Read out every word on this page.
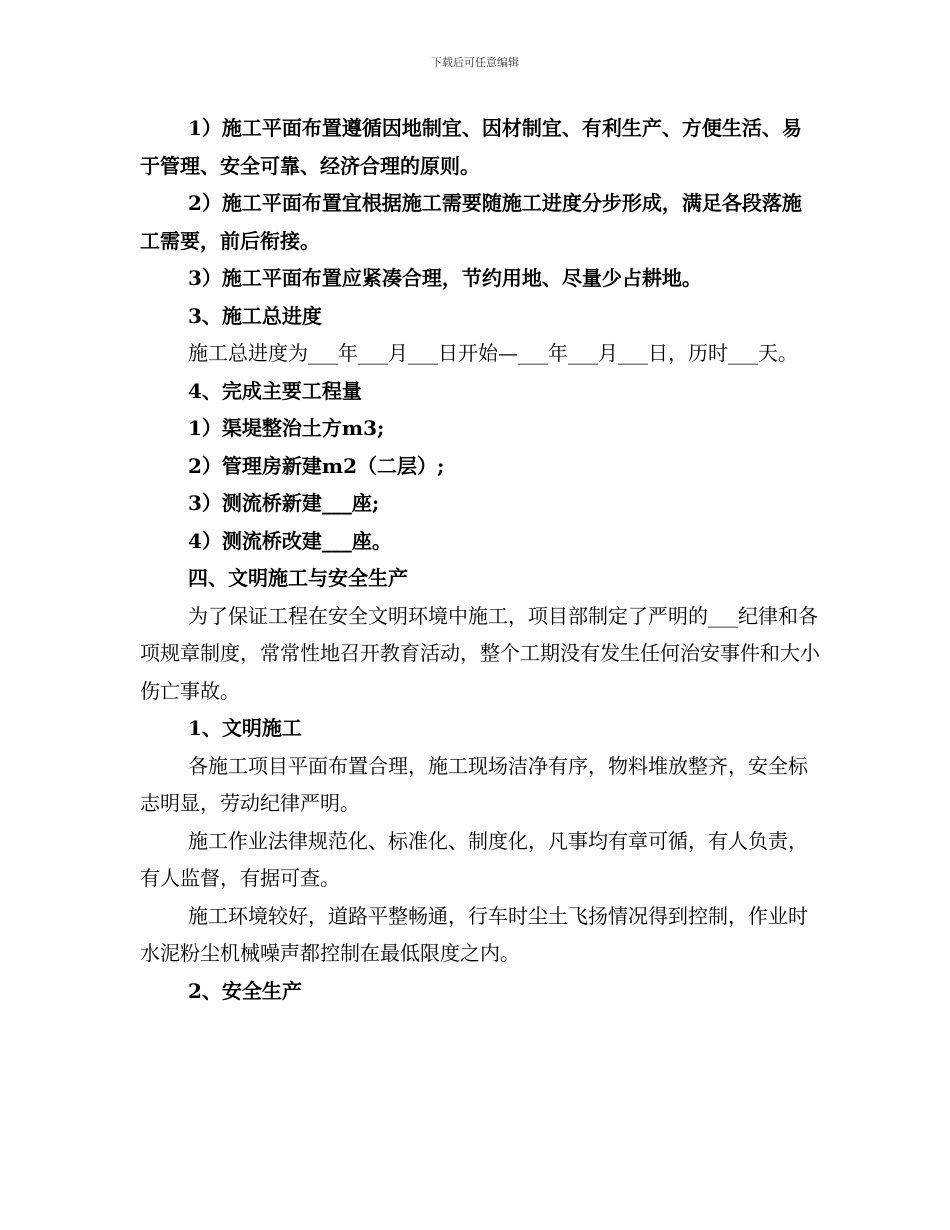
下载后可任意编辑

1）施工平面布置遵循因地制宜、因材制宜、有利生产、方便生活、易于管理、安全可靠、经济合理的原则。

2）施工平面布置宜根据施工需要随施工进度分步形成，满足各段落施工需要，前后衔接。

3）施工平面布置应紧凑合理，节约用地、尽量少占耕地。

3、施工总进度

施工总进度为___年___月___日开始—___年___月___日，历时___天。

4、完成主要工程量

1）渠堤整治土方m3;

2）管理房新建m2（二层）;

3）测流桥新建___座;

4）测流桥改建___座。

四、文明施工与安全生产

为了保证工程在安全文明环境中施工，项目部制定了严明的___纪律和各项规章制度，常常性地召开教育活动，整个工期没有发生任何治安事件和大小伤亡事故。

1、文明施工

各施工项目平面布置合理，施工现场洁净有序，物料堆放整齐，安全标志明显，劳动纪律严明。

施工作业法律规范化、标准化、制度化，凡事均有章可循，有人负责，有人监督，有据可查。

施工环境较好，道路平整畅通，行车时尘土飞扬情况得到控制，作业时水泥粉尘机械噪声都控制在最低限度之内。

2、安全生产
